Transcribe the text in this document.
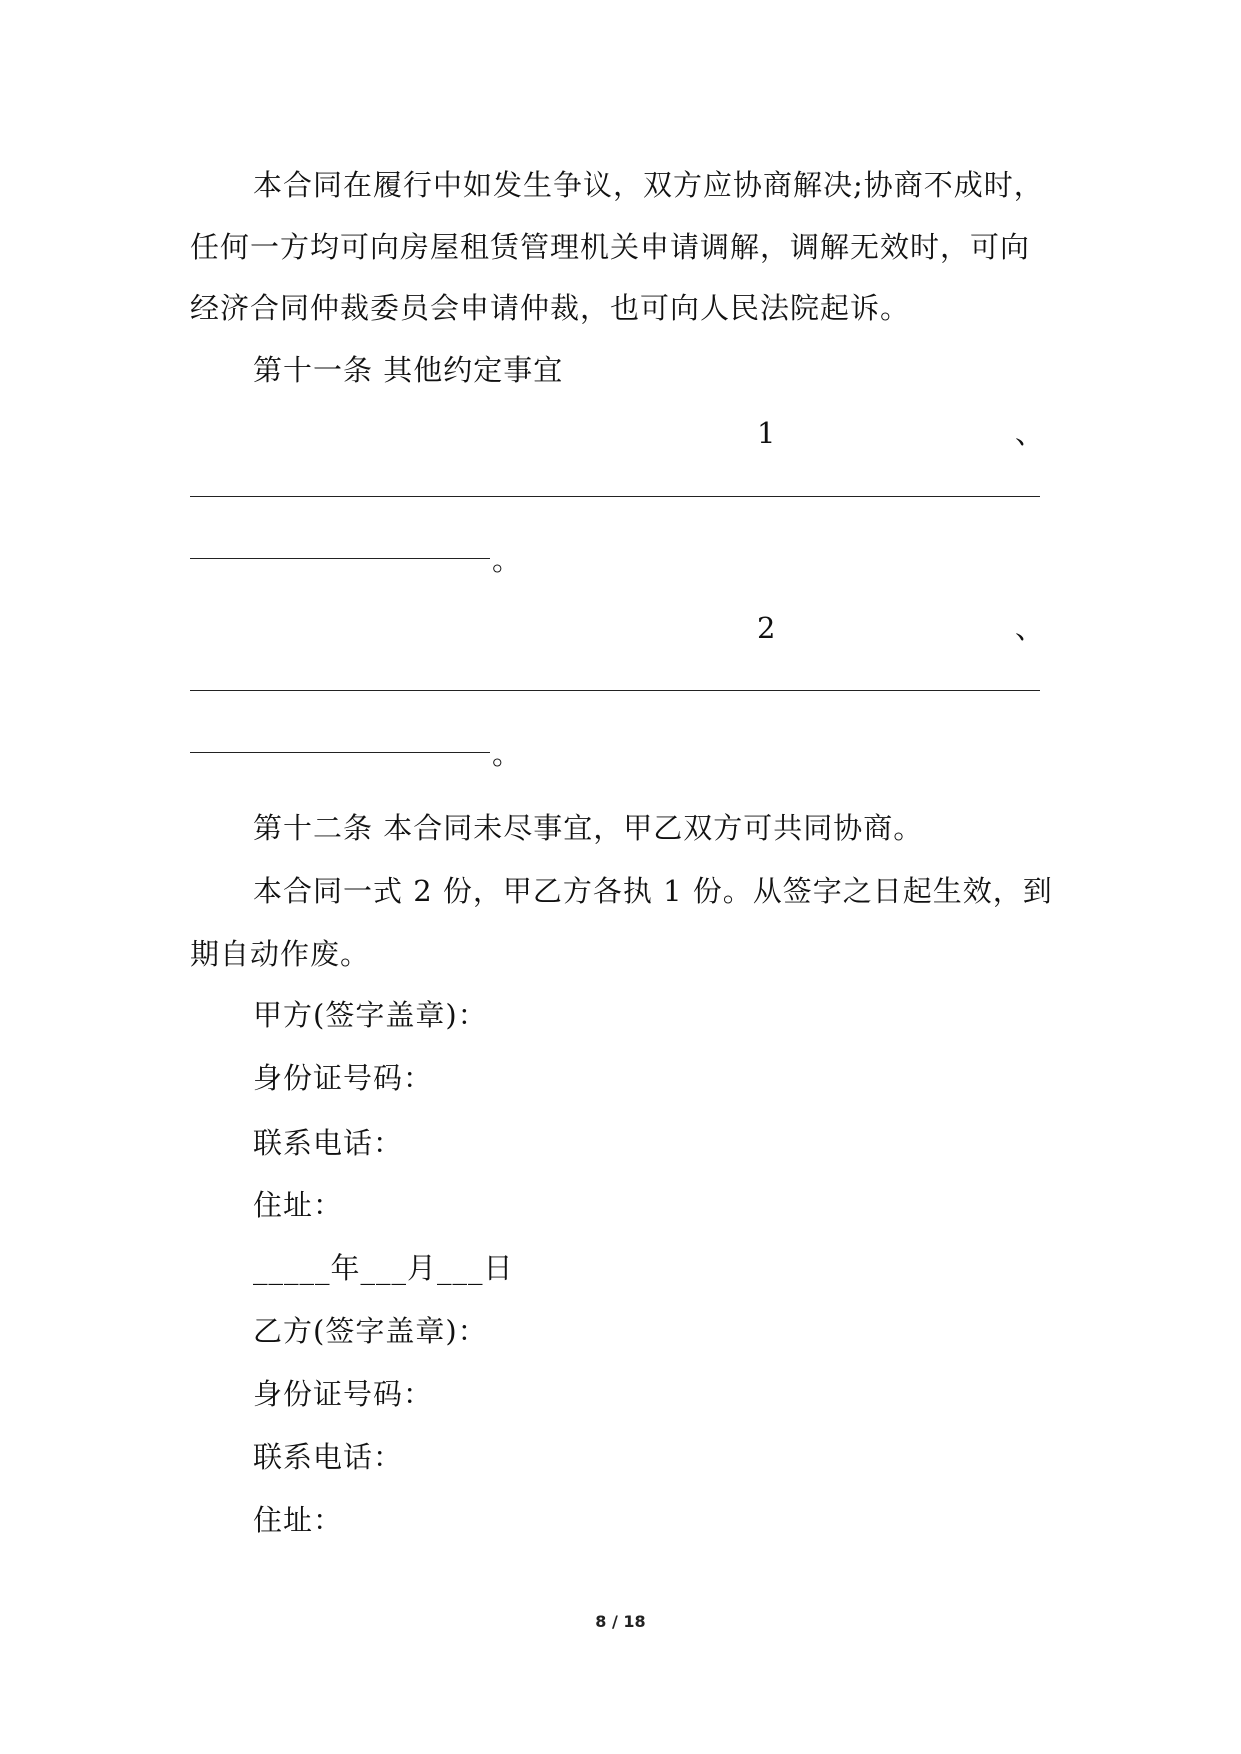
本合同在履行中如发生争议，双方应协商解决;协商不成时，
任何一方均可向房屋租赁管理机关申请调解，调解无效时，可向
经济合同仲裁委员会申请仲裁，也可向人民法院起诉。
第十一条 其他约定事宜
1	、
。
2	、
。
第十二条 本合同未尽事宜，甲乙双方可共同协商。
本合同一式 2 份，甲乙方各执 1 份。从签字之日起生效，到
期自动作废。
甲方(签字盖章)：
身份证号码：
联系电话：
住址：
_____年___月___日
乙方(签字盖章)：
身份证号码：
联系电话：
住址：
8 / 18
